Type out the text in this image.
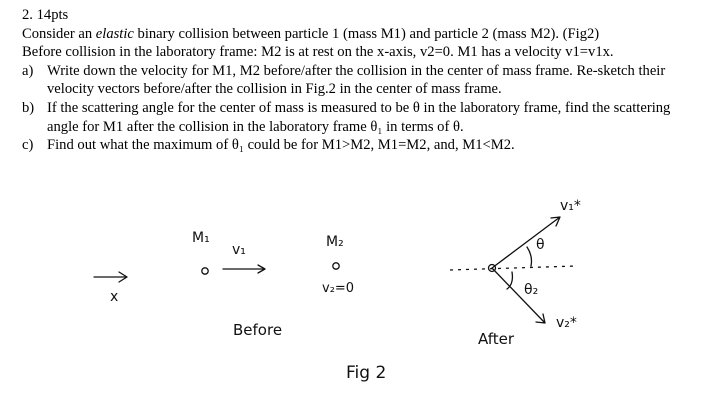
2. 14pts

Consider an elastic binary collision between particle 1 (mass M1) and particle 2 (mass M2). (Fig2)

Before collision in the laboratory frame: M2 is at rest on the x-axis, v2=0. M1 has a velocity v1=v1x.

a) Write down the velocity for M1, M2 before/after the collision in the center of mass frame. Re-sketch their velocity vectors before/after the collision in Fig.2 in the center of mass frame.
b) If the scattering angle for the center of mass is measured to be θ in the laboratory frame, find the scattering angle for M1 after the collision in the laboratory frame θ₁ in terms of θ.
c) Find out what the maximum of θ₁ could be for M1>M2, M1=M2, and, M1<M2.
x
M₁
v₁	M₂
v₂=0
Before
v₁*
θ
v₂*
θ₂
After
Fig 2
